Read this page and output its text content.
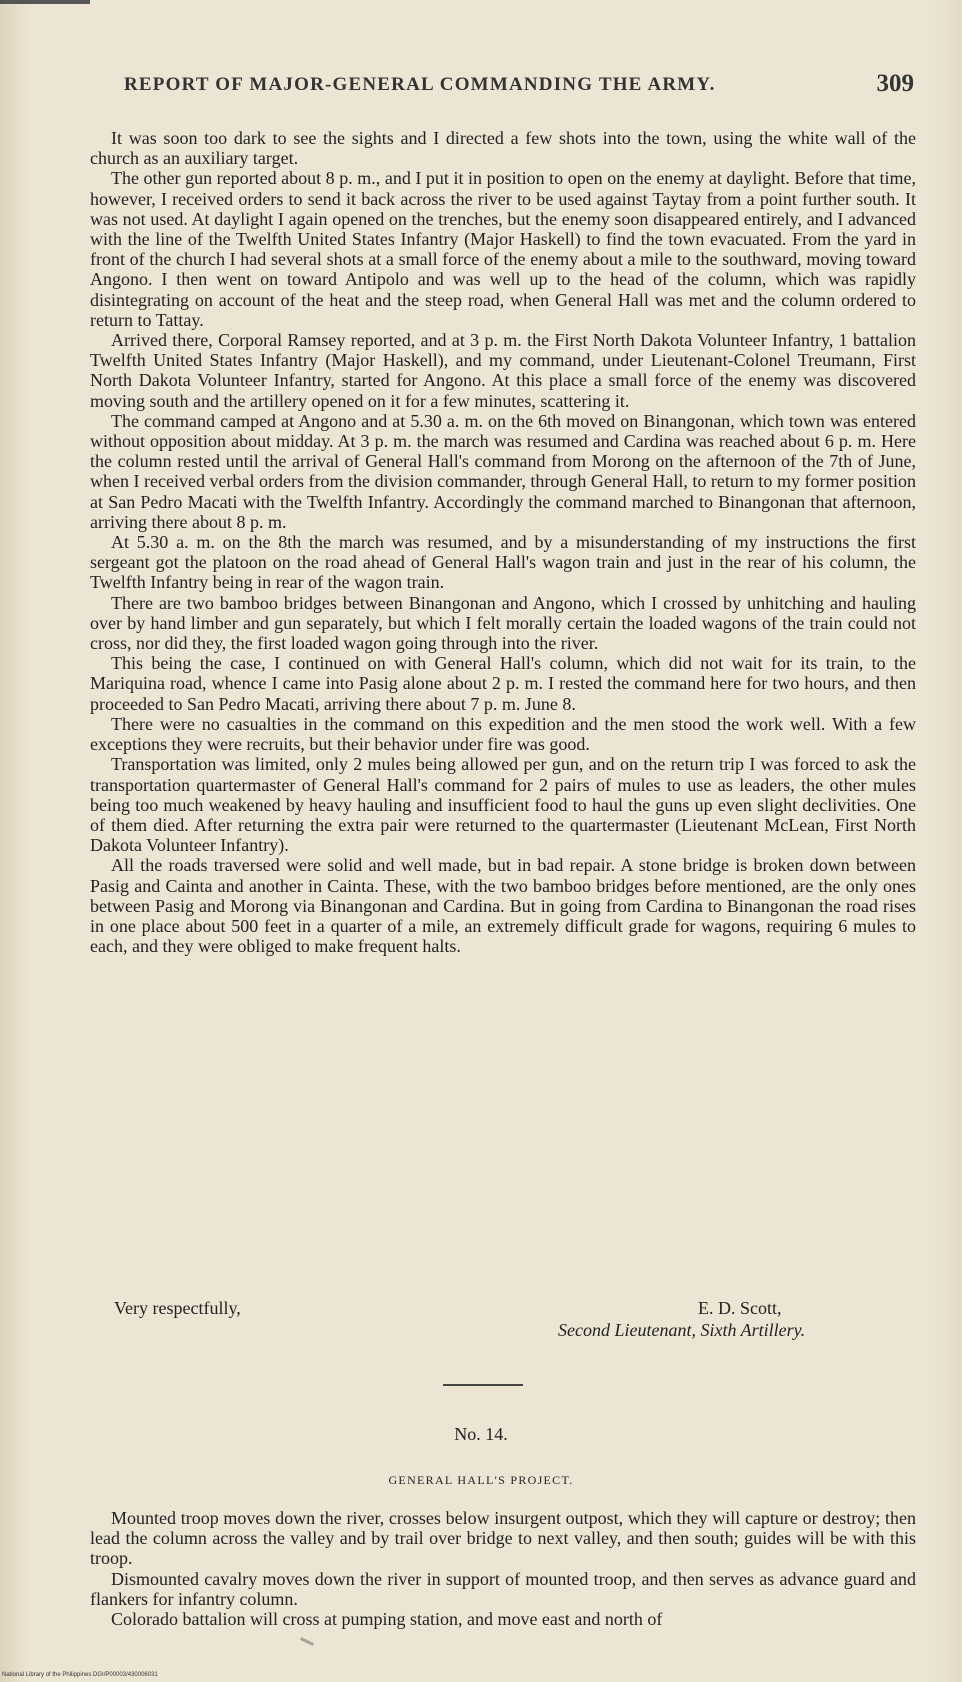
REPORT OF MAJOR-GENERAL COMMANDING THE ARMY.	309

It was soon too dark to see the sights and I directed a few shots into the town, using the white wall of the church as an auxiliary target.

The other gun reported about 8 p. m., and I put it in position to open on the enemy at daylight. Before that time, however, I received orders to send it back across the river to be used against Taytay from a point further south. It was not used. At daylight I again opened on the trenches, but the enemy soon disappeared entirely, and I advanced with the line of the Twelfth United States Infantry (Major Haskell) to find the town evacuated. From the yard in front of the church I had several shots at a small force of the enemy about a mile to the southward, moving toward Angono. I then went on toward Antipolo and was well up to the head of the column, which was rapidly disintegrating on account of the heat and the steep road, when General Hall was met and the column ordered to return to Tattay.

Arrived there, Corporal Ramsey reported, and at 3 p. m. the First North Dakota Volunteer Infantry, 1 battalion Twelfth United States Infantry (Major Haskell), and my command, under Lieutenant-Colonel Treumann, First North Dakota Volunteer Infantry, started for Angono. At this place a small force of the enemy was discovered moving south and the artillery opened on it for a few minutes, scattering it.

The command camped at Angono and at 5.30 a. m. on the 6th moved on Binangonan, which town was entered without opposition about midday. At 3 p. m. the march was resumed and Cardina was reached about 6 p. m. Here the column rested until the arrival of General Hall's command from Morong on the afternoon of the 7th of June, when I received verbal orders from the division commander, through General Hall, to return to my former position at San Pedro Macati with the Twelfth Infantry. Accordingly the command marched to Binangonan that afternoon, arriving there about 8 p. m.

At 5.30 a. m. on the 8th the march was resumed, and by a misunderstanding of my instructions the first sergeant got the platoon on the road ahead of General Hall's wagon train and just in the rear of his column, the Twelfth Infantry being in rear of the wagon train.

There are two bamboo bridges between Binangonan and Angono, which I crossed by unhitching and hauling over by hand limber and gun separately, but which I felt morally certain the loaded wagons of the train could not cross, nor did they, the first loaded wagon going through into the river.

This being the case, I continued on with General Hall's column, which did not wait for its train, to the Mariquina road, whence I came into Pasig alone about 2 p. m. I rested the command here for two hours, and then proceeded to San Pedro Macati, arriving there about 7 p. m. June 8.

There were no casualties in the command on this expedition and the men stood the work well. With a few exceptions they were recruits, but their behavior under fire was good.

Transportation was limited, only 2 mules being allowed per gun, and on the return trip I was forced to ask the transportation quartermaster of General Hall's command for 2 pairs of mules to use as leaders, the other mules being too much weakened by heavy hauling and insufficient food to haul the guns up even slight declivities. One of them died. After returning the extra pair were returned to the quartermaster (Lieutenant McLean, First North Dakota Volunteer Infantry).

All the roads traversed were solid and well made, but in bad repair. A stone bridge is broken down between Pasig and Cainta and another in Cainta. These, with the two bamboo bridges before mentioned, are the only ones between Pasig and Morong via Binangonan and Cardina. But in going from Cardina to Binangonan the road rises in one place about 500 feet in a quarter of a mile, an extremely difficult grade for wagons, requiring 6 mules to each, and they were obliged to make frequent halts.

Very respectfully,	E. D. Scott,
Second Lieutenant, Sixth Artillery.
No. 14.
GENERAL HALL'S PROJECT.

Mounted troop moves down the river, crosses below insurgent outpost, which they will capture or destroy; then lead the column across the valley and by trail over bridge to next valley, and then south; guides will be with this troop.

Dismounted cavalry moves down the river in support of mounted troop, and then serves as advance guard and flankers for infantry column.

Colorado battalion will cross at pumping station, and move east and north of

National Library of the Philippines DGI/P00003/430006031
